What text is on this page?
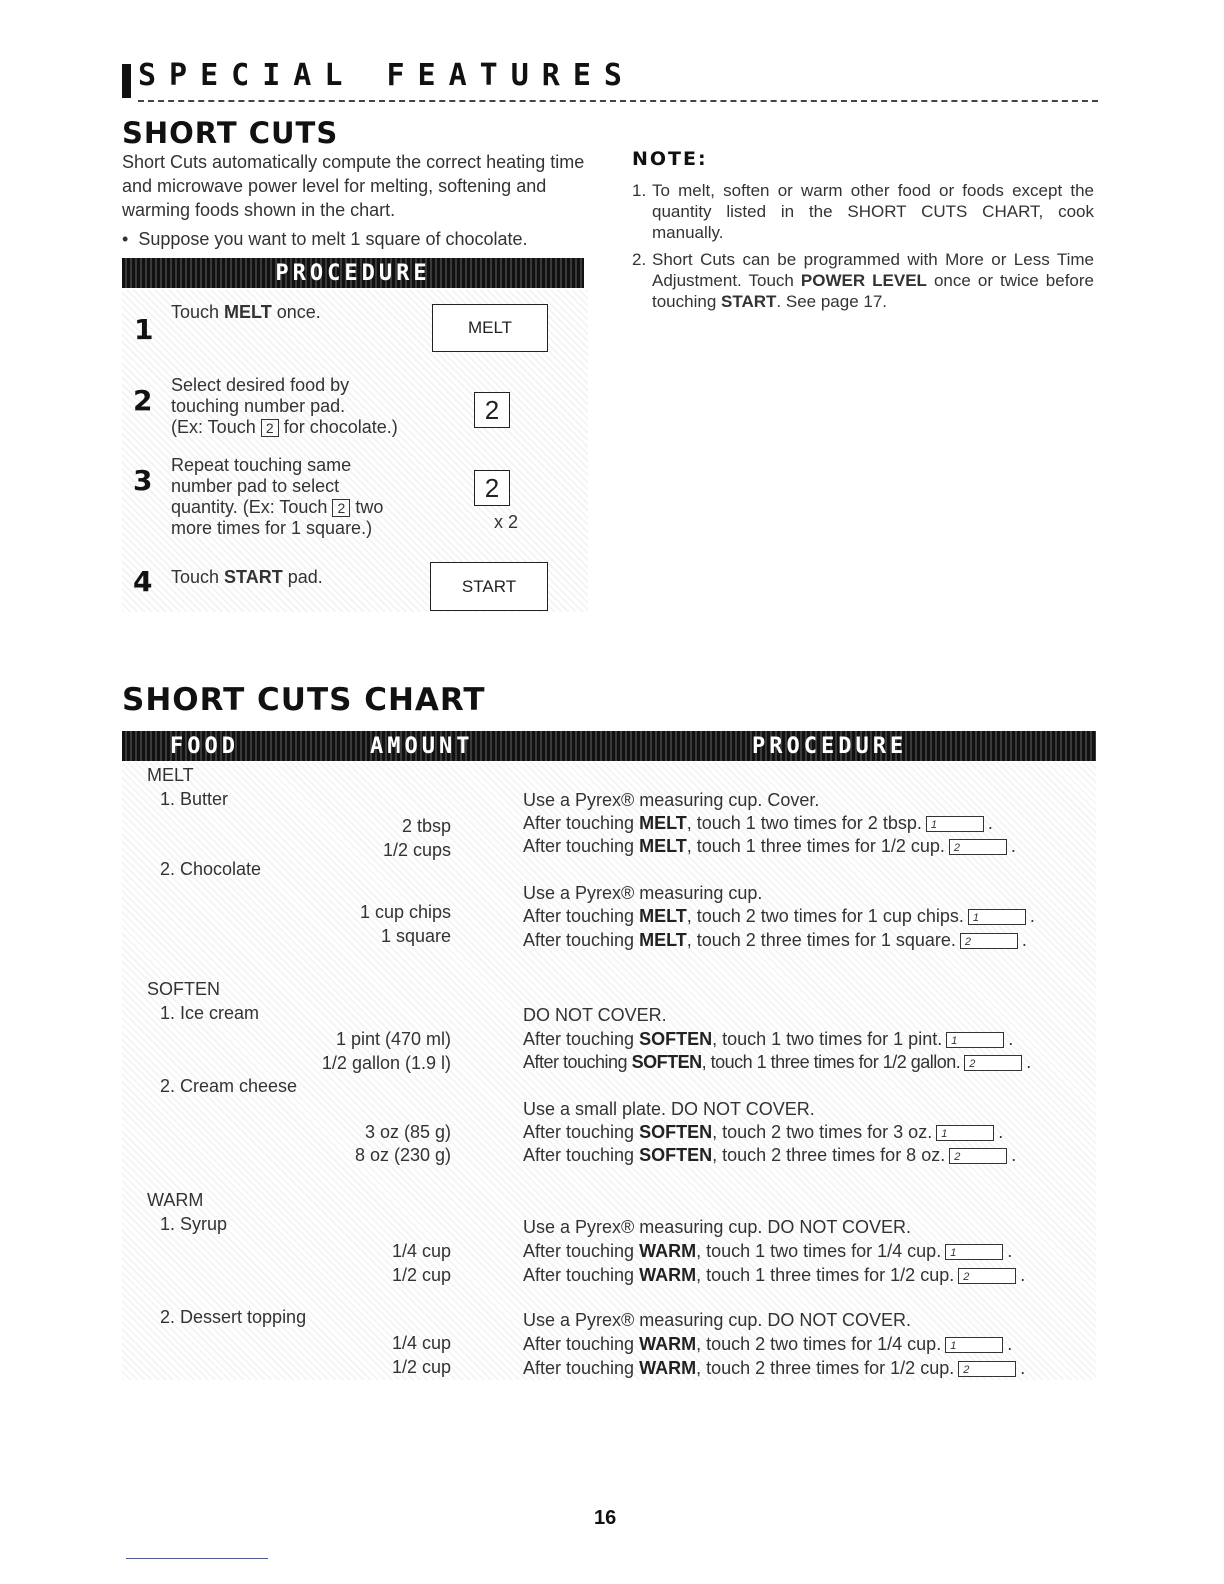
SPECIAL FEATURES
SHORT CUTS
Short Cuts automatically compute the correct heating time and microwave power level for melting, softening and warming foods shown in the chart.
•  Suppose you want to melt 1 square of chocolate.
PROCEDURE
1
Touch MELT once.
MELT
2 Select desired food by
touching number pad.
(Ex: Touch 2 for chocolate.)
2
3 Repeat touching same
number pad to select
quantity. (Ex: Touch 2 two
more times for 1 square.)
2
x 2
4 Touch START pad.	START
NOTE:
1. To melt, soften or warm other food or foods except the quantity listed in the SHORT CUTS CHART, cook manually.
2. Short Cuts can be programmed with More or Less Time Adjustment. Touch POWER LEVEL once or twice before touching START. See page 17.
SHORT CUTS CHART
FOOD	AMOUNT	PROCEDURE
MELT
1. Butter	Use a Pyrex® measuring cup. Cover.
2 tbsp	After touching MELT, touch 1 two times for 2 tbsp. 1	.
1/2 cups	After touching MELT, touch 1 three times for 1/2 cup. 2	.
2. Chocolate
Use a Pyrex® measuring cup.
1 cup chips	After touching MELT, touch 2 two times for 1 cup chips. 1	.
1 square	After touching MELT, touch 2 three times for 1 square. 2	.
SOFTEN
1. Ice cream	DO NOT COVER.
1 pint (470 ml)	After touching SOFTEN, touch 1 two times for 1 pint. 1	.
1/2 gallon (1.9 l)	After touching SOFTEN, touch 1 three times for 1/2 gallon. 2	.
2. Cream cheese
Use a small plate. DO NOT COVER.
3 oz (85 g)	After touching SOFTEN, touch 2 two times for 3 oz. 1	.
8 oz (230 g)	After touching SOFTEN, touch 2 three times for 8 oz. 2	.
WARM
1. Syrup	Use a Pyrex® measuring cup. DO NOT COVER.
1/4 cup	After touching WARM, touch 1 two times for 1/4 cup. 1	.
1/2 cup	After touching WARM, touch 1 three times for 1/2 cup. 2	.
2. Dessert topping	Use a Pyrex® measuring cup. DO NOT COVER.
1/4 cup	After touching WARM, touch 2 two times for 1/4 cup. 1	.
1/2 cup	After touching WARM, touch 2 three times for 1/2 cup. 2	.
16
